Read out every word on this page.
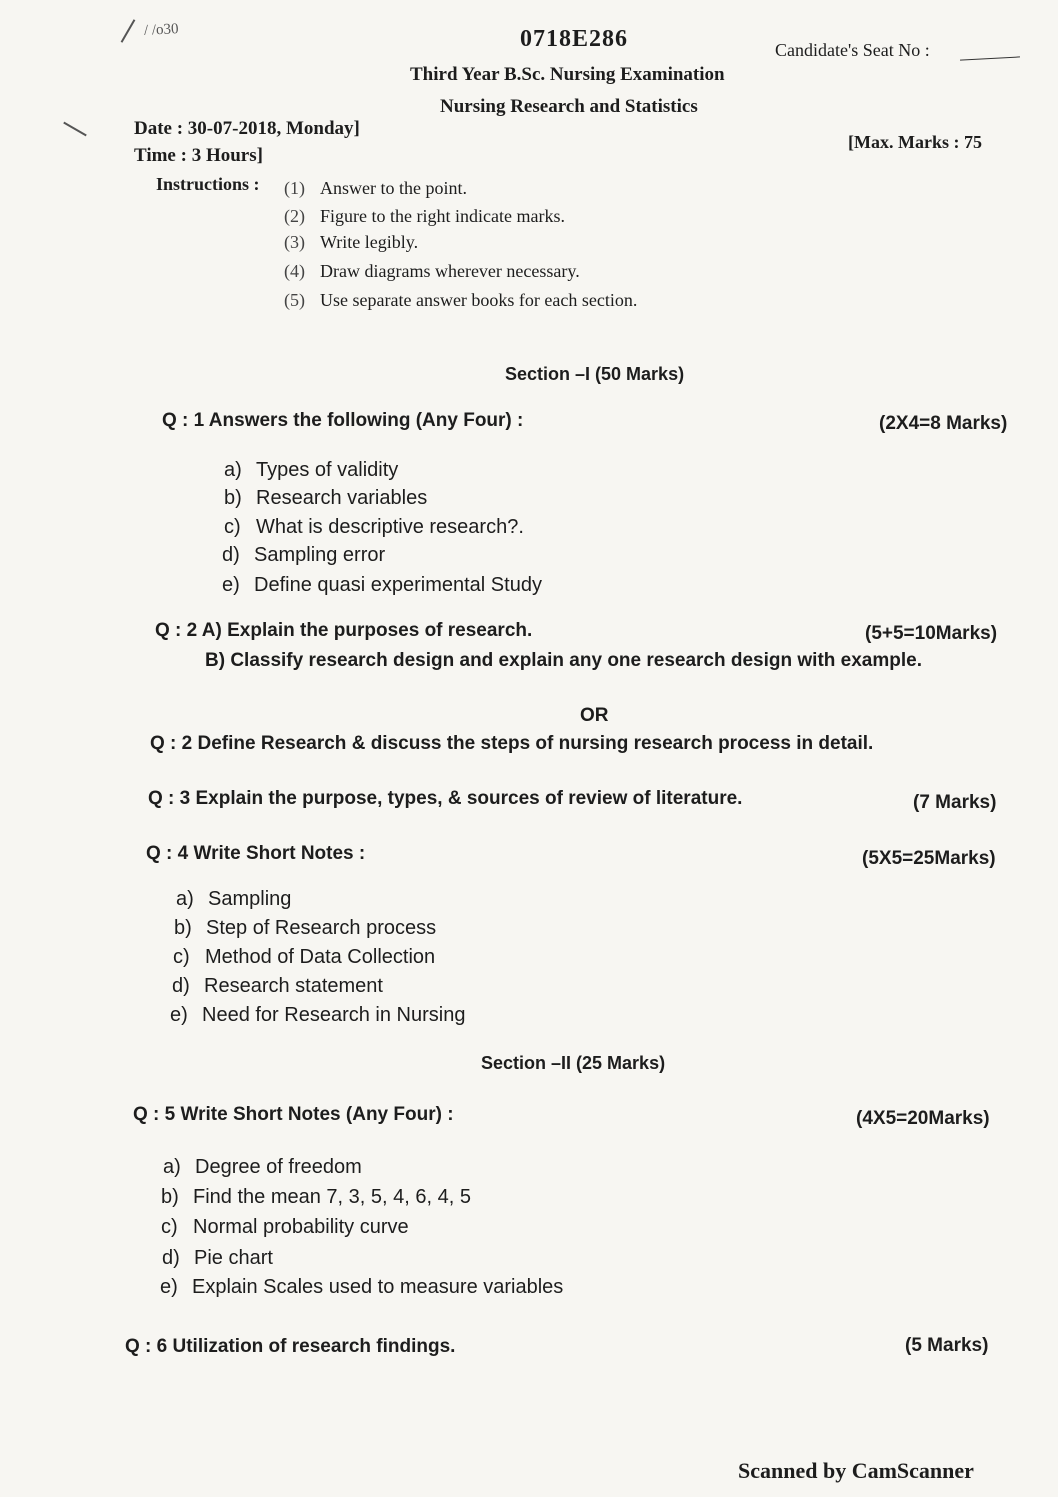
/ /o30	0718E286	Candidate's Seat No :
Third Year B.Sc. Nursing Examination
Nursing Research and Statistics
Date : 30-07-2018, Monday]
Time : 3 Hours]
[Max. Marks : 75
Instructions : (1) Answer to the point.
(2) Figure to the right indicate marks.
(3) Write legibly.
(4) Draw diagrams wherever necessary.
(5) Use separate answer books for each section.
Section –I (50 Marks)
Q : 1 Answers the following (Any Four) :	(2X4=8 Marks)
a) Types of validity
b) Research variables
c) What is descriptive research?.
d) Sampling error
e) Define quasi experimental Study
Q : 2 A) Explain the purposes of research.	(5+5=10Marks)
B) Classify research design and explain any one research design with example.
OR
Q : 2 Define Research & discuss the steps of nursing research process in detail.
Q : 3 Explain the purpose, types, & sources of review of literature.	(7 Marks)
Q : 4 Write Short Notes :	(5X5=25Marks)
a) Sampling
b) Step of Research process
c) Method of Data Collection
d) Research statement
e) Need for Research in Nursing
Section –II (25 Marks)
Q : 5 Write Short Notes (Any Four) :	(4X5=20Marks)
a) Degree of freedom
b) Find the mean 7, 3, 5, 4, 6, 4, 5
c) Normal probability curve
d) Pie chart
e) Explain Scales used to measure variables
Q : 6 Utilization of research findings.	(5 Marks)
Scanned by CamScanner
